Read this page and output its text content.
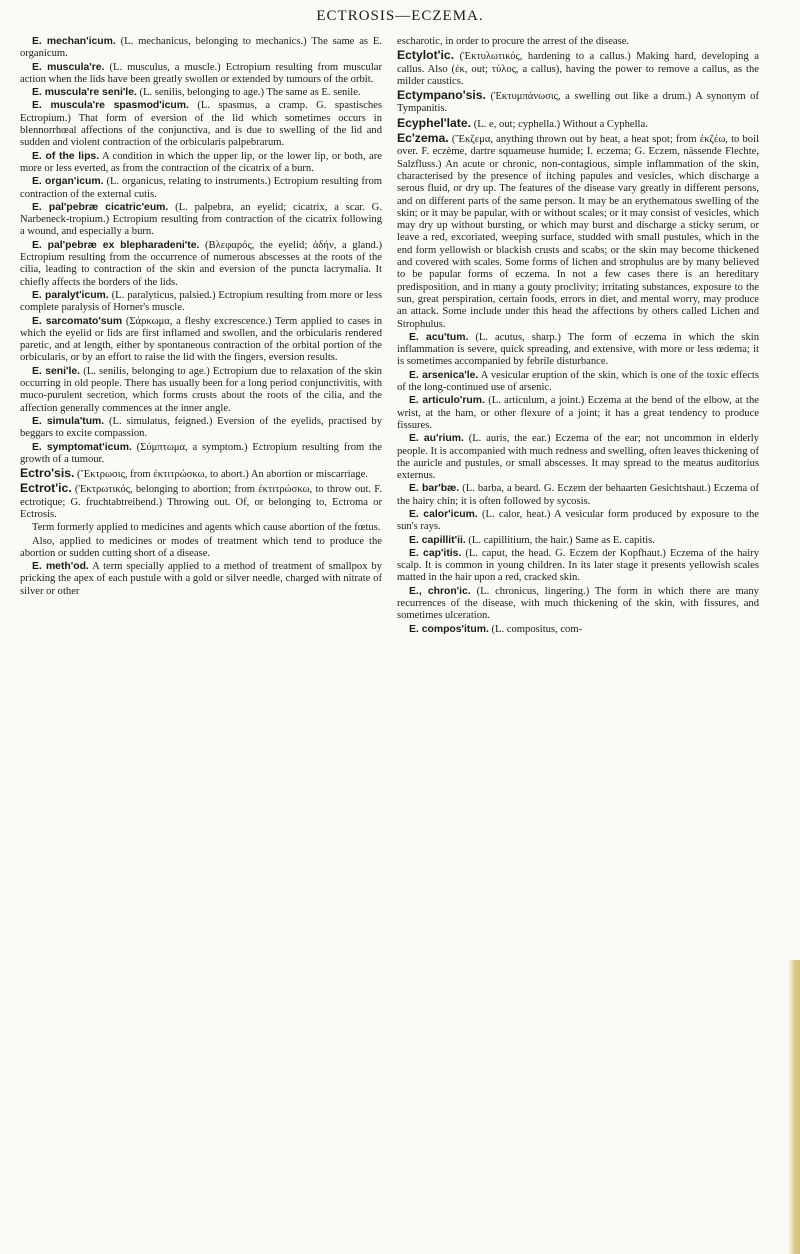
ECTROSIS—ECZEMA.

E. mechan'icum. (L. mechanicus, belonging to mechanics.) The same as E. organicum.

E. muscula're. (L. musculus, a muscle.) Ectropium resulting from muscular action when the lids have been greatly swollen or extended by tumours of the orbit.

E. muscula're seni'le. (L. senilis, belonging to age.) The same as E. senile.

E. muscula're spasmod'icum. (L. spasmus, a cramp. G. spastisches Ectropium.) That form of eversion of the lid which sometimes occurs in blennorrhœal affections of the conjunctiva, and is due to swelling of the lid and sudden and violent contraction of the orbicularis palpebrarum.

E. of the lips. A condition in which the upper lip, or the lower lip, or both, are more or less everted, as from the contraction of the cicatrix of a burn.

E. organ'icum. (L. organicus, relating to instruments.) Ectropium resulting from contraction of the external cutis.

E. pal'pebræ cicatric'eum. (L. palpebra, an eyelid; cicatrix, a scar. G. Narbeneck-tropium.) Ectropium resulting from contraction of the cicatrix following a wound, and especially a burn.

E. pal'pebræ ex blepharadeni'te. (Βλεφαρός, the eyelid; ἀδήν, a gland.) Ectropium resulting from the occurrence of numerous abscesses at the roots of the cilia, leading to contraction of the skin and eversion of the puncta lacrymalia. It chiefly affects the borders of the lids.

E. paralyt'icum. (L. paralyticus, palsied.) Ectropium resulting from more or less complete paralysis of Horner's muscle.

E. sarcomato'sum (Σάρκωμα, a fleshy excrescence.) Term applied to cases in which the eyelid or lids are first inflamed and swollen, and the orbicularis rendered paretic, and at length, either by spontaneous contraction of the orbital portion of the orbicularis, or by an effort to raise the lid with the fingers, eversion results.

E. seni'le. (L. senilis, belonging to age.) Ectropium due to relaxation of the skin occurring in old people. There has usually been for a long period conjunctivitis, with muco-purulent secretion, which forms crusts about the roots of the cilia, and the affection generally commences at the inner angle.

E. simula'tum. (L. simulatus, feigned.) Eversion of the eyelids, practised by beggars to excite compassion.

E. symptomat'icum. (Σύμπτωμα, a symptom.) Ectropium resulting from the growth of a tumour.

Ectro'sis. (Ἔκτρωσις, from ἐκτιτρώσκω, to abort.) An abortion or miscarriage.

Ectrot'ic. (Ἐκτρωτικός, belonging to abortion; from ἐκτιτρώσκω, to throw out. F. ectrotique; G. fruchtabtreibend.) Throwing out. Of, or belonging to, Ectroma or Ectrosis.

Term formerly applied to medicines and agents which cause abortion of the fœtus.

Also, applied to medicines or modes of treatment which tend to produce the abortion or sudden cutting short of a disease.

E. meth'od. A term specially applied to a method of treatment of smallpox by pricking the apex of each pustule with a gold or silver needle, charged with nitrate of silver or other

escharotic, in order to procure the arrest of the disease.

Ectylot'ic. (Ἐκτυλωτικός, hardening to a callus.) Making hard, developing a callus. Also (ἐκ, out; τύλος, a callus), having the power to remove a callus, as the milder caustics.

Ectympano'sis. (Ἐκτυμπάνωσις, a swelling out like a drum.) A synonym of Tympanitis.

Ecyphel'late. (L. e, out; cyphella.) Without a Cyphella.

Ec'zema. (Ἔκζεμα, anything thrown out by heat, a heat spot; from ἐκζέω, to boil over. F. eczème, dartre squameuse humide; I. eczema; G. Eczem, nässende Flechte, Salzfluss.) An acute or chronic, non-contagious, simple inflammation of the skin, characterised by the presence of itching papules and vesicles, which discharge a serous fluid, or dry up. The features of the disease vary greatly in different persons, and on different parts of the same person. It may be an erythematous swelling of the skin; or it may be papular, with or without scales; or it may consist of vesicles, which may dry up without bursting, or which may burst and discharge a sticky serum, or leave a red, excoriated, weeping surface, studded with small pustules, which in the end form yellowish or blackish crusts and scabs; or the skin may become thickened and covered with scales. Some forms of lichen and strophulus are by many believed to be papular forms of eczema. In not a few cases there is an hereditary predisposition, and in many a gouty proclivity; irritating substances, exposure to the sun, great perspiration, certain foods, errors in diet, and mental worry, may produce an attack. Some include under this head the affections by others called Lichen and Strophulus.

E. acu'tum. (L. acutus, sharp.) The form of eczema in which the skin inflammation is severe, quick spreading, and extensive, with more or less œdema; it is sometimes accompanied by febrile disturbance.

E. arsenica'le. A vesicular eruption of the skin, which is one of the toxic effects of the long-continued use of arsenic.

E. articulo'rum. (L. articulum, a joint.) Eczema at the bend of the elbow, at the wrist, at the ham, or other flexure of a joint; it has a great tendency to produce fissures.

E. au'rium. (L. auris, the ear.) Eczema of the ear; not uncommon in elderly people. It is accompanied with much redness and swelling, often leaves thickening of the auricle and pustules, or small abscesses. It may spread to the meatus auditorius externus.

E. bar'bæ. (L. barba, a beard. G. Eczem der behaarten Gesichtshaut.) Eczema of the hairy chin; it is often followed by sycosis.

E. calor'icum. (L. calor, heat.) A vesicular form produced by exposure to the sun's rays.

E. capillit'ii. (L. capillitium, the hair.) Same as E. capitis.

E. cap'itis. (L. caput, the head. G. Eczem der Kopfhaut.) Eczema of the hairy scalp. It is common in young children. In its later stage it presents yellowish scales matted in the hair upon a red, cracked skin.

E., chron'ic. (L. chronicus, lingering.) The form in which there are many recurrences of the disease, with much thickening of the skin, with fissures, and sometimes ulceration.

E. compos'itum. (L. compositus, com-
